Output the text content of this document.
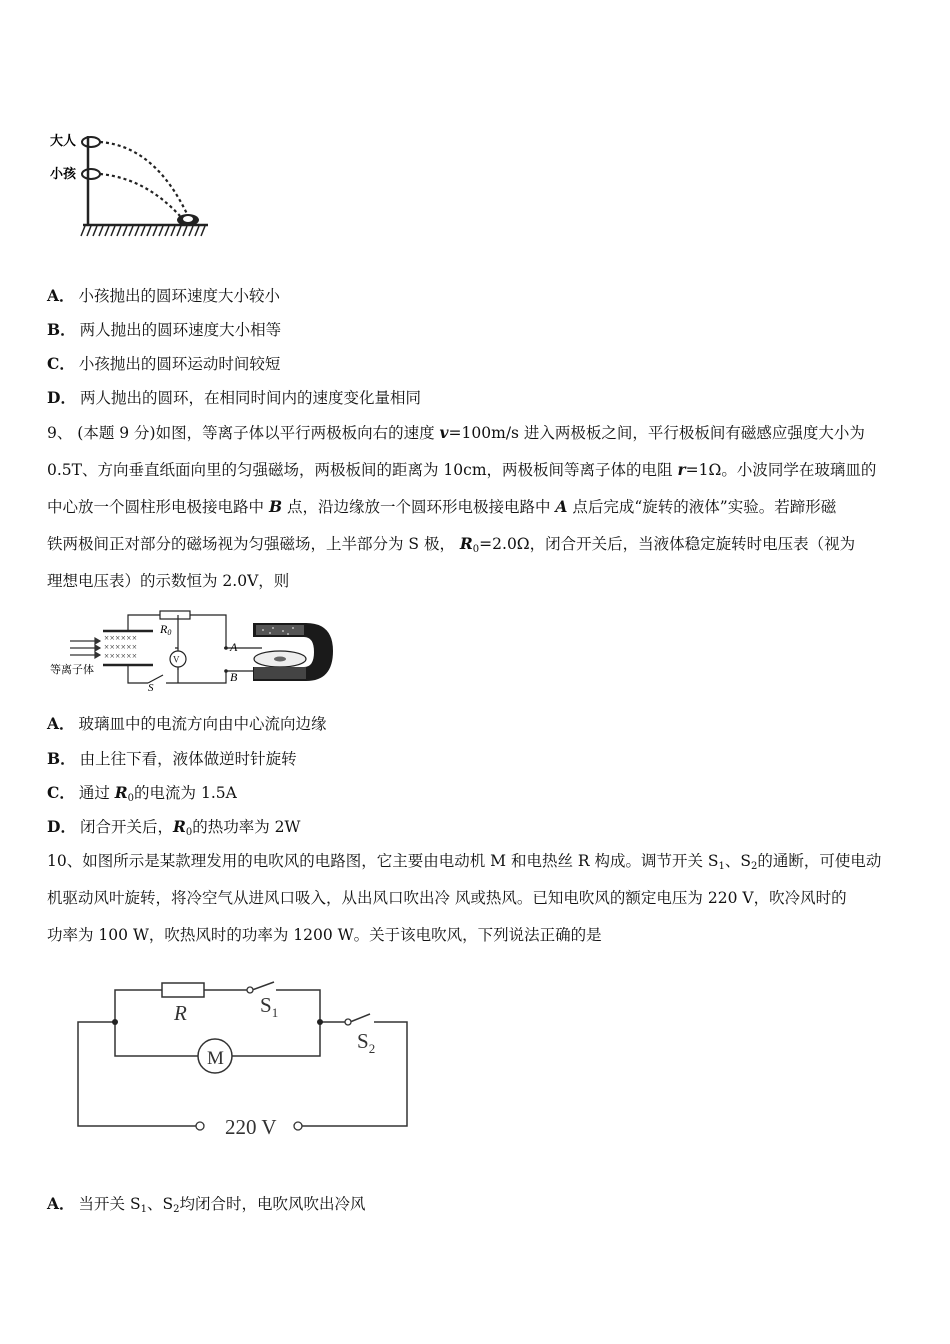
大人
小孩
A． 小孩抛出的圆环速度大小较小
B． 两人抛出的圆环速度大小相等
C． 小孩抛出的圆环运动时间较短
D． 两人抛出的圆环，在相同时间内的速度变化量相同
9、 (本题 9 分)如图，等离子体以平行两极板向右的速度 v=100m/s 进入两极板之间，平行极板间有磁感应强度大小为
0.5T、方向垂直纸面向里的匀强磁场，两极板间的距离为 10cm，两极板间等离子体的电阻 r=1Ω。小波同学在玻璃皿的
中心放一个圆柱形电极接电路中 B 点，沿边缘放一个圆环形电极接电路中 A 点后完成“旋转的液体”实验。若蹄形磁
铁两极间正对部分的磁场视为匀强磁场，上半部分为 S 极， $R_0=2.0\Omega$，闭合开关后，当液体稳定旋转时电压表（视为
理想电压表）的示数恒为 2.0V，则
等离子体
××××××
××××××
××××××	V
R0
A
B
S
A． 玻璃皿中的电流方向由中心流向边缘
B． 由上往下看，液体做逆时针旋转
C． 通过 $R_0$的电流为 1.5A
D． 闭合开关后，$R_0$的热功率为 2W
10、如图所示是某款理发用的电吹风的电路图，它主要由电动机 M 和电热丝 R 构成。调节开关 $S_1$、$S_2$的通断，可使电动
机驱动风叶旋转，将冷空气从进风口吸入，从出风口吹出冷 风或热风。已知电吹风的额定电压为 220 V，吹冷风时的
功率为 100 W，吹热风时的功率为 1200 W。关于该电吹风，下列说法正确的是
R	$S_1$
$S_2$
M
220 V
A． 当开关 $S_1$、$S_2$均闭合时，电吹风吹出冷风
